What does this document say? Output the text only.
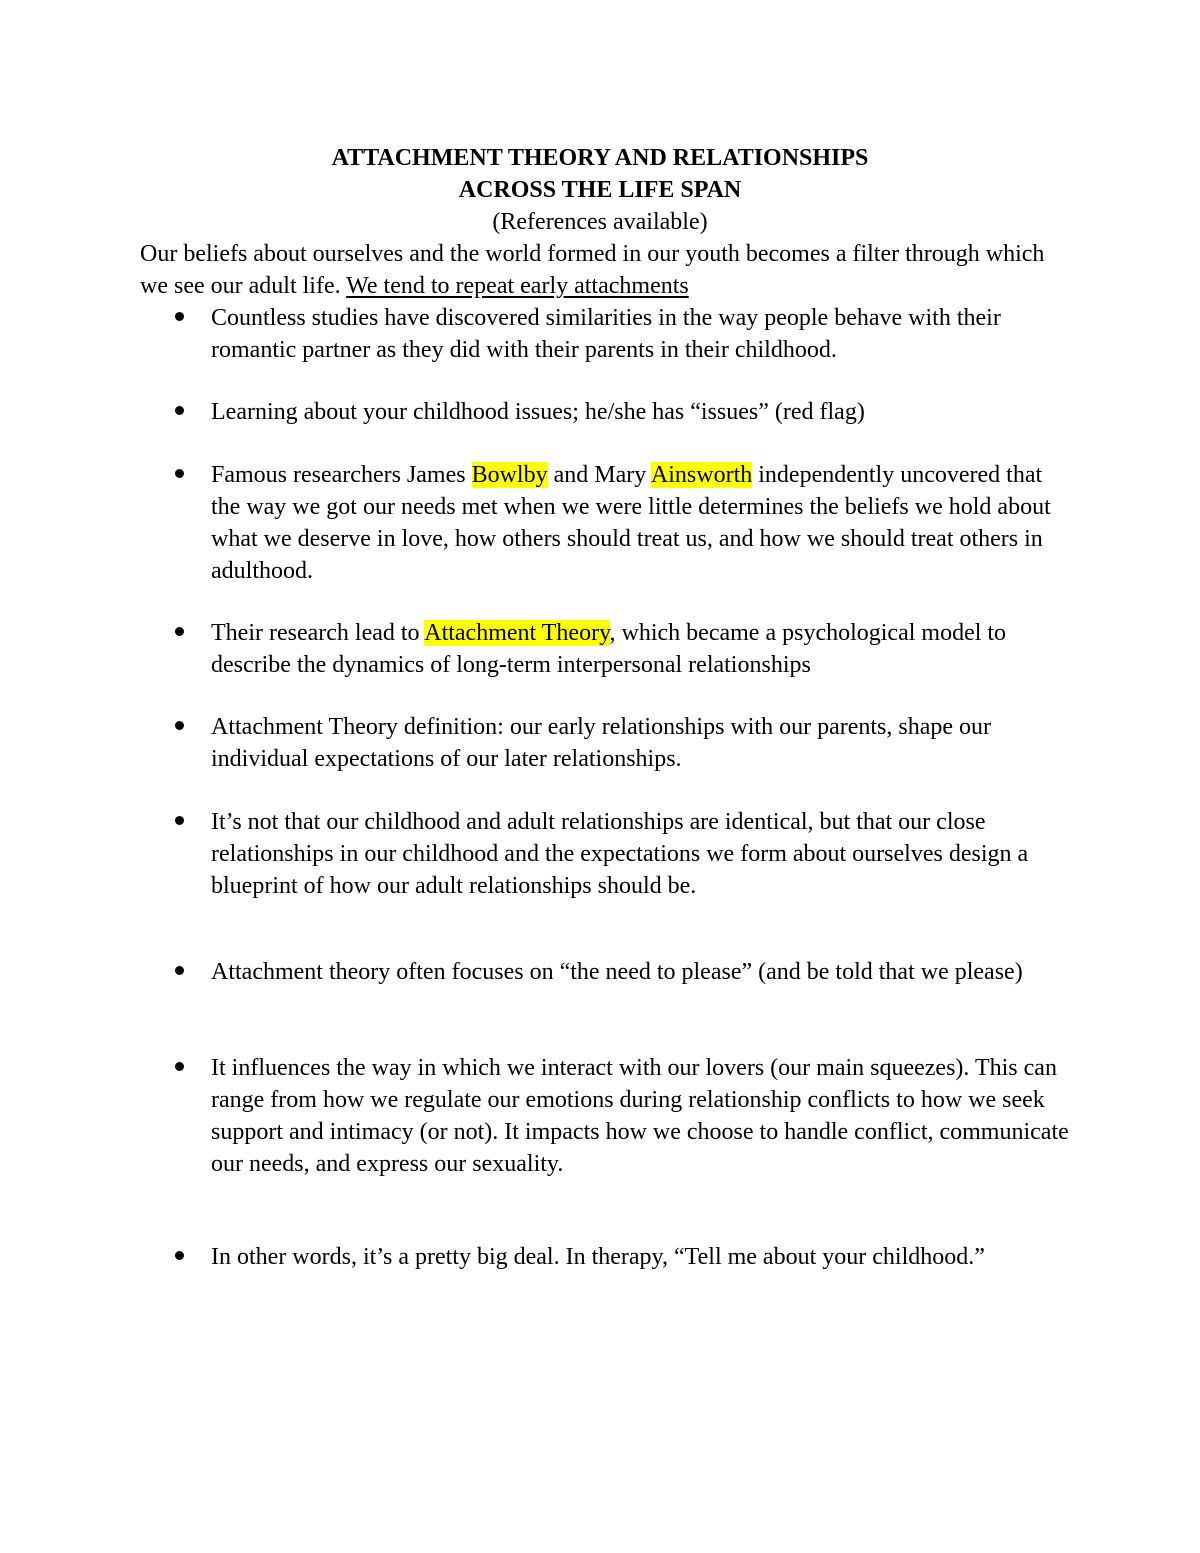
ATTACHMENT THEORY AND RELATIONSHIPS
ACROSS THE LIFE SPAN
(References available)
Our beliefs about ourselves and the world formed in our youth becomes a filter through which we see our adult life. We tend to repeat early attachments
Countless studies have discovered similarities in the way people behave with their romantic partner as they did with their parents in their childhood.
Learning about your childhood issues; he/she has “issues” (red flag)
Famous researchers James Bowlby and Mary Ainsworth independently uncovered that the way we got our needs met when we were little determines the beliefs we hold about what we deserve in love, how others should treat us, and how we should treat others in adulthood.
Their research lead to Attachment Theory, which became a psychological model to describe the dynamics of long-term interpersonal relationships
Attachment Theory definition: our early relationships with our parents, shape our individual expectations of our later relationships.
It’s not that our childhood and adult relationships are identical, but that our close relationships in our childhood and the expectations we form about ourselves design a blueprint of how our adult relationships should be.
Attachment theory often focuses on “the need to please” (and be told that we please)
It influences the way in which we interact with our lovers (our main squeezes). This can range from how we regulate our emotions during relationship conflicts to how we seek support and intimacy (or not). It impacts how we choose to handle conflict, communicate our needs, and express our sexuality.
In other words, it’s a pretty big deal. In therapy, “Tell me about your childhood.”
